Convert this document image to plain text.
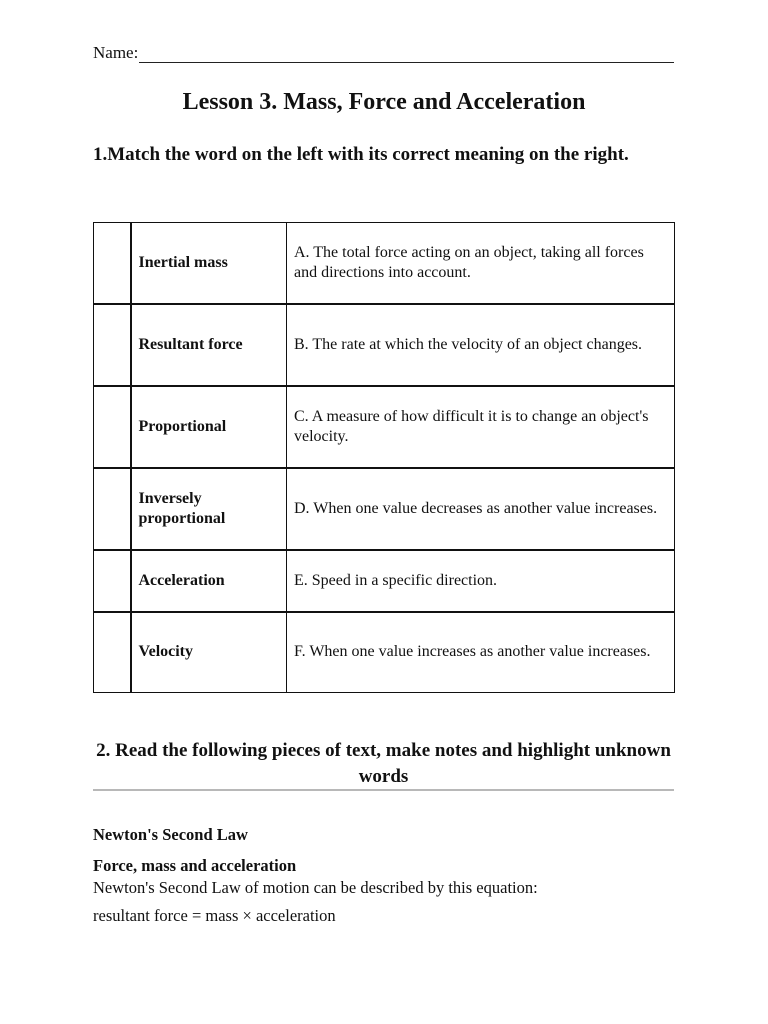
Name:
Lesson 3. Mass, Force and Acceleration
1.Match the word on the left with its correct meaning on the right.
	Inertial mass	A. The total force acting on an object, taking all forces and directions into account.
	Resultant force	B. The rate at which the velocity of an object changes.
	Proportional	C. A measure of how difficult it is to change an object's velocity.
	Inversely proportional	D. When one value decreases as another value increases.
	Acceleration	E. Speed in a specific direction.
	Velocity	F. When one value increases as another value increases.
2. Read the following pieces of text, make notes and highlight unknown words
Newton's Second Law
Force, mass and acceleration
Newton's Second Law of motion can be described by this equation:
resultant force = mass × acceleration
